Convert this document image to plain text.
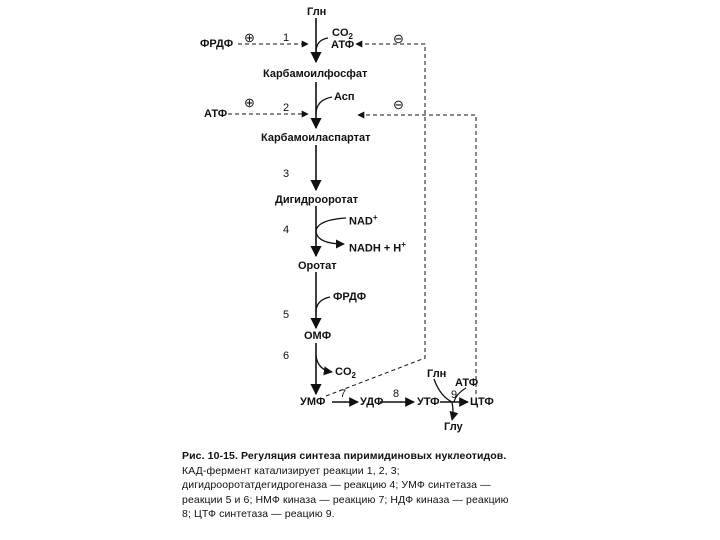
Глн
$CO_2$
АТФ
ФРДФ ⊕	⊖
1
Карбамоилфосфат
Асп
АТФ
⊕	⊖
2
Карбамоиласпартат
3
Дигидрооротат
NAD+
4
NADH + H+
Оротат
ФРДФ
5
ОМФ
6
$CO_2$
УМФ
7
УДФ
8
УТФ
Глн
АТФ
9
ЦТФ
Глу
Рис. 10-15. Регуляция синтеза пиримидиновых нуклеотидов. КАД-фермент катализирует реакции 1, 2, 3; дигидрооротатдегидрогеназа — реакцию 4; УМФ синтетаза — реакции 5 и 6; НМФ киназа — реакцию 7; НДФ киназа — реакцию 8; ЦТФ синтетаза — реацию 9.
